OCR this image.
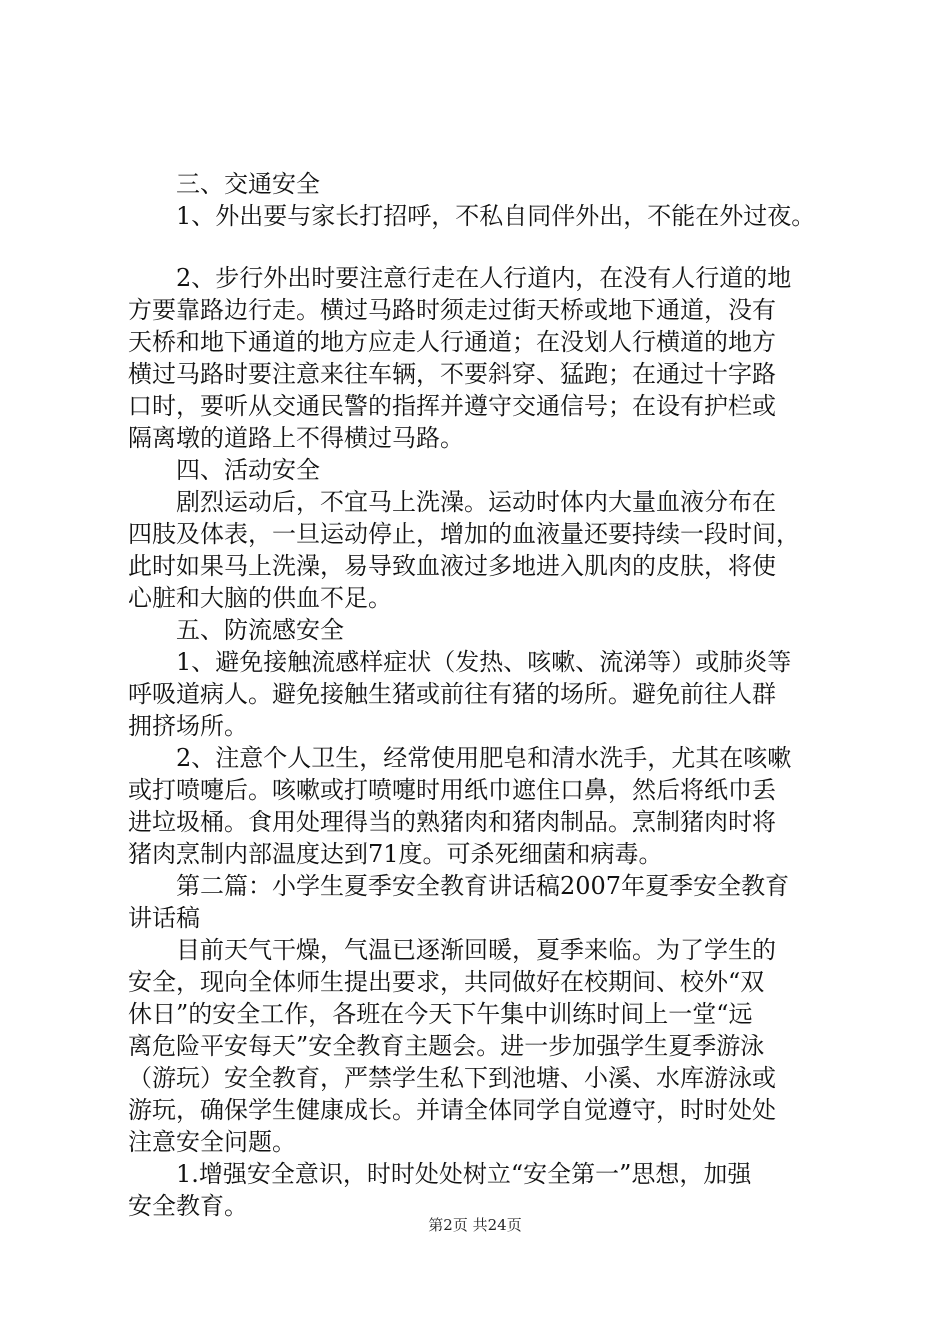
　　三、交通安全
　　1、外出要与家长打招呼，不私自同伴外出，不能在外过夜。
　　2、步行外出时要注意行走在人行道内，在没有人行道的地
方要靠路边行走。横过马路时须走过街天桥或地下通道，没有
天桥和地下通道的地方应走人行通道；在没划人行横道的地方
横过马路时要注意来往车辆，不要斜穿、猛跑；在通过十字路
口时，要听从交通民警的指挥并遵守交通信号；在设有护栏或
隔离墩的道路上不得横过马路。
　　四、活动安全
　　剧烈运动后，不宜马上洗澡。运动时体内大量血液分布在
四肢及体表，一旦运动停止，增加的血液量还要持续一段时间，
此时如果马上洗澡，易导致血液过多地进入肌肉的皮肤，将使
心脏和大脑的供血不足。
　　五、防流感安全
　　1、避免接触流感样症状（发热、咳嗽、流涕等）或肺炎等
呼吸道病人。避免接触生猪或前往有猪的场所。避免前往人群
拥挤场所。
　　2、注意个人卫生，经常使用肥皂和清水洗手，尤其在咳嗽
或打喷嚏后。咳嗽或打喷嚏时用纸巾遮住口鼻，然后将纸巾丢
进垃圾桶。食用处理得当的熟猪肉和猪肉制品。烹制猪肉时将
猪肉烹制内部温度达到71度。可杀死细菌和病毒。
　　第二篇：小学生夏季安全教育讲话稿2007年夏季安全教育
讲话稿
　　目前天气干燥，气温已逐渐回暖，夏季来临。为了学生的
安全，现向全体师生提出要求，共同做好在校期间、校外“双
休日”的安全工作，各班在今天下午集中训练时间上一堂“远
离危险平安每天”安全教育主题会。进一步加强学生夏季游泳
（游玩）安全教育，严禁学生私下到池塘、小溪、水库游泳或
游玩，确保学生健康成长。并请全体同学自觉遵守，时时处处
注意安全问题。
　　1.增强安全意识，时时处处树立“安全第一”思想，加强
安全教育。
第2页 共24页
